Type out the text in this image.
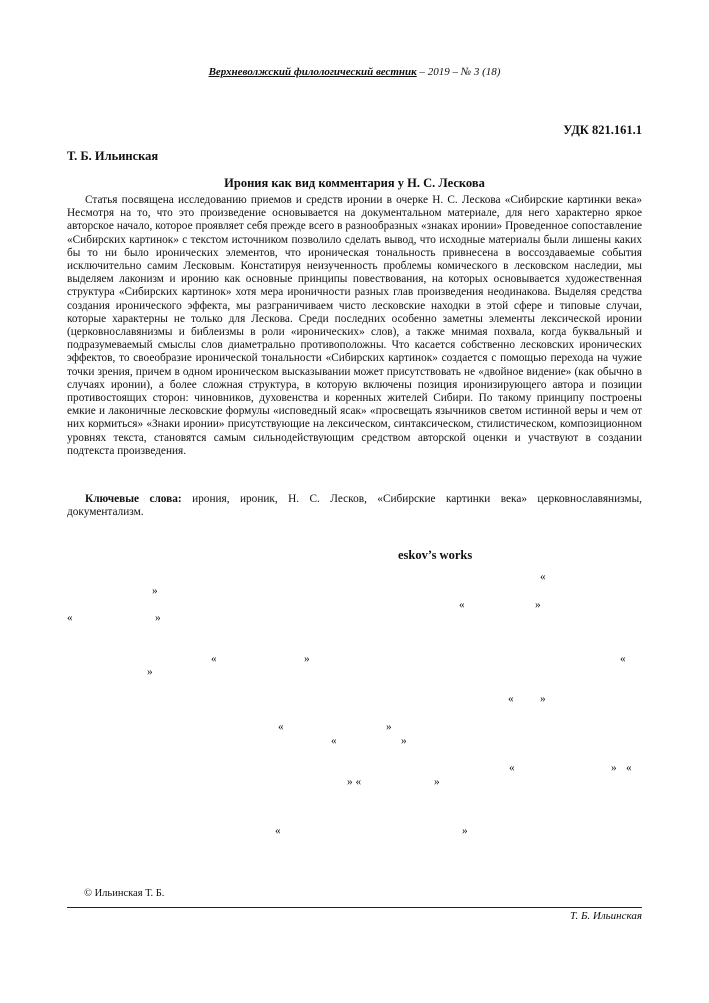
Верхневолжский филологический вестник – 2019 – № 3 (18)
УДК 821.161.1
Т. Б. Ильинская
Ирония как вид комментария у Н. С. Лескова

Статья посвящена исследованию приемов и средств иронии в очерке Н. С. Лескова «Сибирские картинки века» Несмотря на то, что это произведение основывается на документальном материале, для него характерно яркое авторское начало, которое проявляет себя прежде всего в разнообразных «знаках иронии» Проведенное сопоставление «Сибирских картинок» с текстом источником позволило сделать вывод, что исходные материалы были лишены каких бы то ни было иронических элементов, что ироническая тональность привнесена в воссоздаваемые события исключительно самим Лесковым. Констатируя неизученность проблемы комического в лесковском наследии, мы выделяем лаконизм и иронию как основные принципы повествования, на которых основывается художественная структура «Сибирских картинок» хотя мера ироничности разных глав произведения неодинакова. Выделяя средства создания иронического эффекта, мы разграничиваем чисто лесковские находки в этой сфере и типовые случаи, которые характерны не только для Лескова. Среди последних особенно заметны элементы лексической иронии (церковнославянизмы и библеизмы в роли «иронических» слов), а также мнимая похвала, когда буквальный и подразумеваемый смыслы слов диаметрально противоположны. Что касается собственно лесковских иронических эффектов, то своеобразие иронической тональности «Сибирских картинок» создается с помощью перехода на чужие точки зрения, причем в одном ироническом высказывании может присутствовать не «двойное видение» (как обычно в случаях иронии), а более сложная структура, в которую включены позиция иронизирующего автора и позиции противостоящих сторон: чиновников, духовенства и коренных жителей Сибири. По такому принципу построены емкие и лаконичные лесковские формулы «исповедный ясак» «просвещать язычников светом истинной веры и чем от них кормиться» «Знаки иронии» присутствующие на лексическом, синтаксическом, стилистическом, композиционном уровнях текста, становятся самым сильнодействующим средством авторской оценки и участвуют в создании подтекста произведения.

Ключевые слова: ирония, ироник, Н. С. Лесков, «Сибирские картинки века» церковнославянизмы, документализм.

eskov’s works
«
»
«	»
«	»
«	»	«
»
« »
«	»
«	»
«	» «
» «	»
«	»
© Ильинская Т. Б.
Т. Б. Ильинская
